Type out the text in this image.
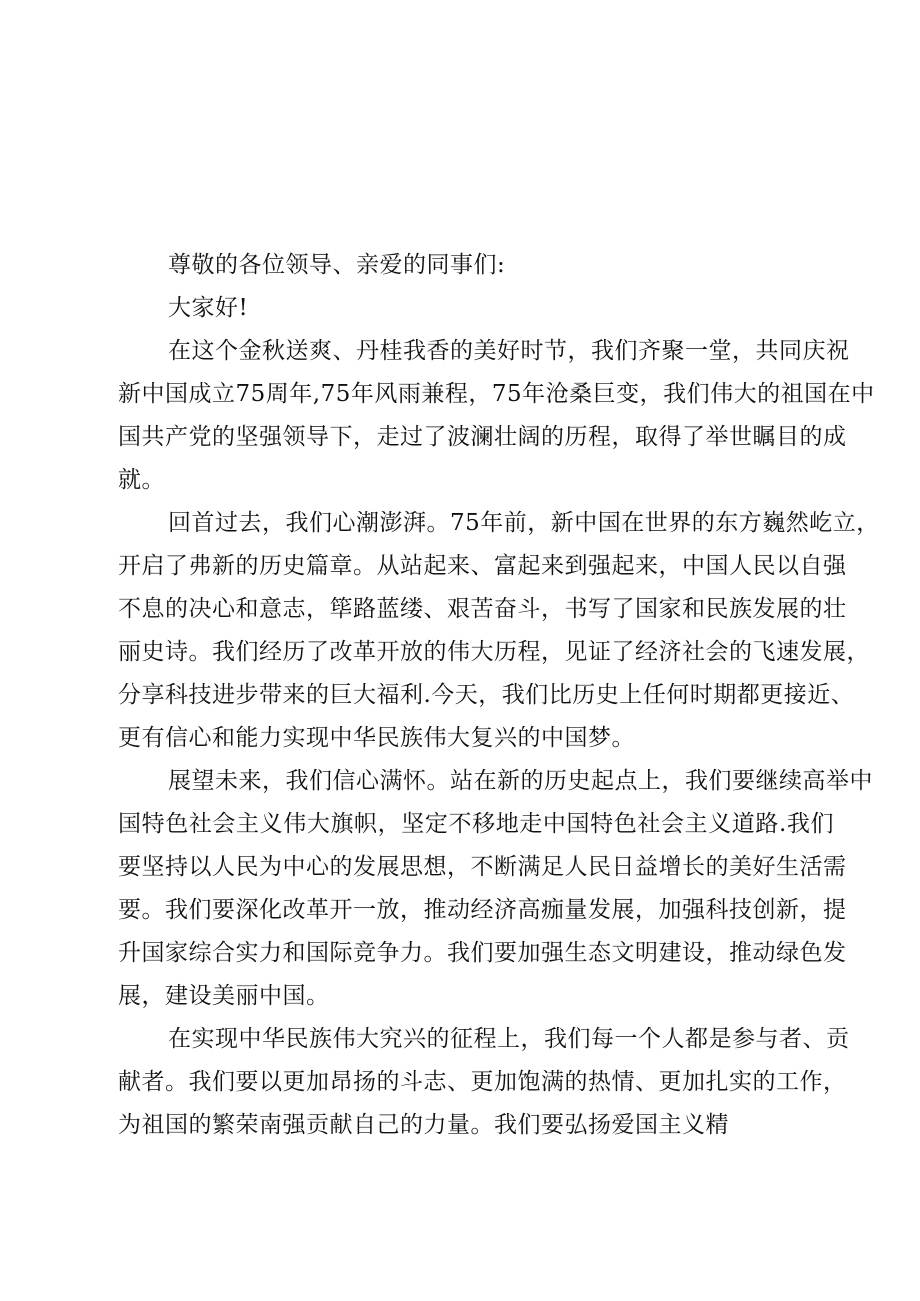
尊敬的各位领导、亲爱的同事们:
大家好!
在这个金秋送爽、丹桂我香的美好时节，我们齐聚一堂，共同庆祝
新中国成立75周年,75年风雨兼程，75年沧桑巨变，我们伟大的祖国在中
国共产党的坚强领导下，走过了波澜壮阔的历程，取得了举世瞩目的成
就。
回首过去，我们心潮澎湃。75年前，新中国在世界的东方巍然屹立，
开启了弗新的历史篇章。从站起来、富起来到强起来，中国人民以自强
不息的决心和意志，筚路蓝缕、艰苦奋斗，书写了国家和民族发展的壮
丽史诗。我们经历了改革开放的伟大历程，见证了经济社会的飞速发展，
分享科技进步带来的巨大福利.今天，我们比历史上任何时期都更接近、
更有信心和能力实现中华民族伟大复兴的中国梦。
展望未来，我们信心满怀。站在新的历史起点上，我们要继续高举中
国特色社会主义伟大旗帜，坚定不移地走中国特色社会主义道路.我们
要坚持以人民为中心的发展思想，不断满足人民日益增长的美好生活需
要。我们要深化改革开一放，推动经济高痂量发展，加强科技创新，提
升国家综合实力和国际竞争力。我们要加强生态文明建设，推动绿色发
展，建设美丽中国。
在实现中华民族伟大究兴的征程上，我们每一个人都是参与者、贡
献者。我们要以更加昂扬的斗志、更加饱满的热情、更加扎实的工作，
为祖国的繁荣南强贡献自己的力量。我们要弘扬爱国主义精
